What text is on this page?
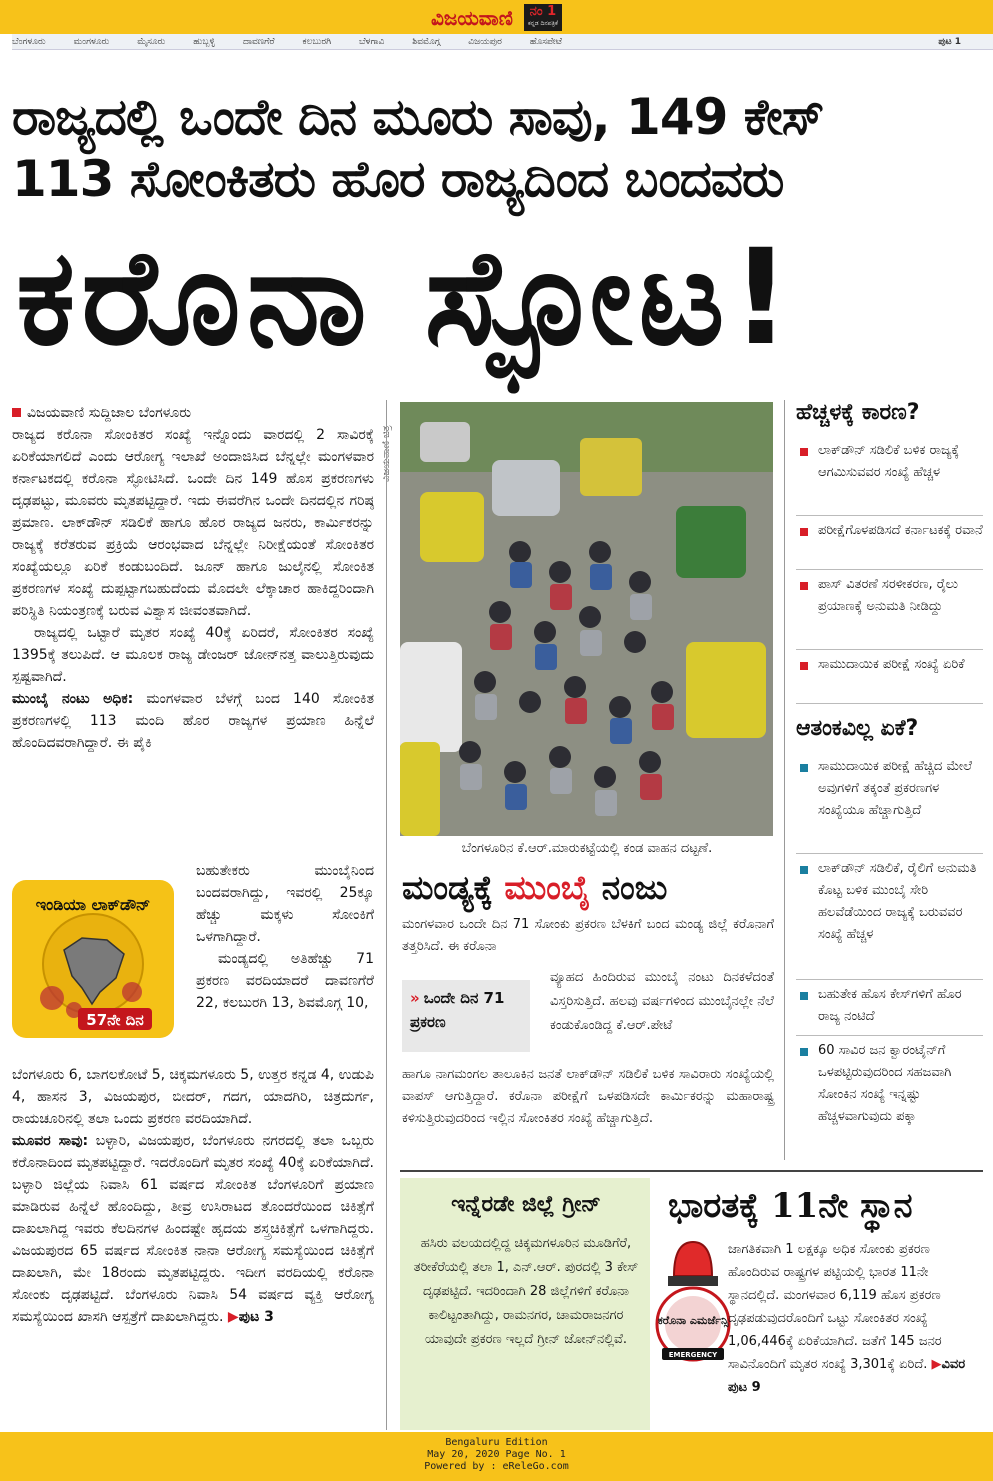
ವಿಜಯವಾಣಿ ನಂ 1
ಕನ್ನಡ ದಿನಪತ್ರಿಕೆ
ಬೆಂಗಳೂರು	ಮಂಗಳೂರು	ಮೈಸೂರು	ಹುಬ್ಬಳ್ಳಿ	ದಾವಣಗೆರೆ	ಕಲಬುರಗಿ	ಬೆಳಗಾವಿ	ಶಿವಮೊಗ್ಗ	ವಿಜಯಪುರ	ಹೊಸಪೇಟೆ	ಪುಟ 1
ರಾಜ್ಯದಲ್ಲಿ ಒಂದೇ ದಿನ ಮೂರು ಸಾವು, 149 ಕೇಸ್
113 ಸೋಂಕಿತರು ಹೊರ ರಾಜ್ಯದಿಂದ ಬಂದವರು
ಕರೊನಾ ಸ್ಫೋಟ!
ವಿಜಯವಾಣಿ ಸುದ್ದಿಜಾಲ ಬೆಂಗಳೂರು

ರಾಜ್ಯದ ಕರೊನಾ ಸೋಂಕಿತರ ಸಂಖ್ಯೆ ಇನ್ನೊಂದು ವಾರದಲ್ಲಿ 2 ಸಾವಿರಕ್ಕೆ ಏರಿಕೆಯಾಗಲಿದೆ ಎಂದು ಆರೋಗ್ಯ ಇಲಾಖೆ ಅಂದಾಜಿಸಿದ ಬೆನ್ನಲ್ಲೇ ಮಂಗಳವಾರ ಕರ್ನಾಟಕದಲ್ಲಿ ಕರೊನಾ ಸ್ಫೋಟಿಸಿದೆ. ಒಂದೇ ದಿನ 149 ಹೊಸ ಪ್ರಕರಣಗಳು ದೃಢಪಟ್ಟು, ಮೂವರು ಮೃತಪಟ್ಟಿದ್ದಾರೆ. ಇದು ಈವರೆಗಿನ ಒಂದೇ ದಿನದಲ್ಲಿನ ಗರಿಷ್ಠ ಪ್ರಮಾಣ. ಲಾಕ್‌ಡೌನ್ ಸಡಿಲಿಕೆ ಹಾಗೂ ಹೊರ ರಾಜ್ಯದ ಜನರು, ಕಾರ್ಮಿಕರನ್ನು ರಾಜ್ಯಕ್ಕೆ ಕರೆತರುವ ಪ್ರಕ್ರಿಯೆ ಆರಂಭವಾದ ಬೆನ್ನಲ್ಲೇ ನಿರೀಕ್ಷೆಯಂತೆ ಸೋಂಕಿತರ ಸಂಖ್ಯೆಯಲ್ಲೂ ಏರಿಕೆ ಕಂಡುಬಂದಿದೆ. ಜೂನ್ ಹಾಗೂ ಜುಲೈನಲ್ಲಿ ಸೋಂಕಿತ ಪ್ರಕರಣಗಳ ಸಂಖ್ಯೆ ದುಪ್ಪಟ್ಟಾಗಬಹುದೆಂದು ಮೊದಲೇ ಲೆಕ್ಕಾಚಾರ ಹಾಕಿದ್ದರಿಂದಾಗಿ ಪರಿಸ್ಥಿತಿ ನಿಯಂತ್ರಣಕ್ಕೆ ಬರುವ ವಿಶ್ವಾಸ ಜೀವಂತವಾಗಿದೆ.

ರಾಜ್ಯದಲ್ಲಿ ಒಟ್ಟಾರೆ ಮೃತರ ಸಂಖ್ಯೆ 40ಕ್ಕೆ ಏರಿದರೆ, ಸೋಂಕಿತರ ಸಂಖ್ಯೆ 1395ಕ್ಕೆ ತಲುಪಿದೆ. ಆ ಮೂಲಕ ರಾಜ್ಯ ಡೇಂಜರ್ ಜೋನ್‌ನತ್ತ ವಾಲುತ್ತಿರುವುದು ಸ್ಪಷ್ಟವಾಗಿದೆ.

ಮುಂಬೈ ನಂಟು ಅಧಿಕ: ಮಂಗಳವಾರ ಬೆಳಗ್ಗೆ ಬಂದ 140 ಸೋಂಕಿತ ಪ್ರಕರಣಗಳಲ್ಲಿ 113 ಮಂದಿ ಹೊರ ರಾಜ್ಯಗಳ ಪ್ರಯಾಣ ಹಿನ್ನೆಲೆ ಹೊಂದಿದವರಾಗಿದ್ದಾರೆ. ಈ ಪೈಕಿ

57ನೇ ದಿನ
ಇಂಡಿಯಾ ಲಾಕ್‌ಡೌನ್

ಬಹುತೇಕರು ಮುಂಬೈನಿಂದ ಬಂದವರಾಗಿದ್ದು, ಇವರಲ್ಲಿ 25ಕ್ಕೂ ಹೆಚ್ಚು ಮಕ್ಕಳು ಸೋಂಕಿಗೆ ಒಳಗಾಗಿದ್ದಾರೆ.

ಮಂಡ್ಯದಲ್ಲಿ ಅತಿಹೆಚ್ಚು 71 ಪ್ರಕರಣ ವರದಿಯಾದರೆ ದಾವಣಗೆರೆ 22, ಕಲಬುರಗಿ 13, ಶಿವಮೊಗ್ಗ 10,

ಬೆಂಗಳೂರು 6, ಬಾಗಲಕೋಟೆ 5, ಚಿಕ್ಕಮಗಳೂರು 5, ಉತ್ತರ ಕನ್ನಡ 4, ಉಡುಪಿ 4, ಹಾಸನ 3, ವಿಜಯಪುರ, ಬೀದರ್, ಗದಗ, ಯಾದಗಿರಿ, ಚಿತ್ರದುರ್ಗ, ರಾಯಚೂರಿನಲ್ಲಿ ತಲಾ ಒಂದು ಪ್ರಕರಣ ವರದಿಯಾಗಿದೆ.

ಮೂವರ ಸಾವು: ಬಳ್ಳಾರಿ, ವಿಜಯಪುರ, ಬೆಂಗಳೂರು ನಗರದಲ್ಲಿ ತಲಾ ಒಬ್ಬರು ಕರೊನಾದಿಂದ ಮೃತಪಟ್ಟಿದ್ದಾರೆ. ಇದರೊಂದಿಗೆ ಮೃತರ ಸಂಖ್ಯೆ 40ಕ್ಕೆ ಏರಿಕೆಯಾಗಿದೆ. ಬಳ್ಳಾರಿ ಜಿಲ್ಲೆಯ ನಿವಾಸಿ 61 ವರ್ಷದ ಸೋಂಕಿತ ಬೆಂಗಳೂರಿಗೆ ಪ್ರಯಾಣ ಮಾಡಿರುವ ಹಿನ್ನೆಲೆ ಹೊಂದಿದ್ದು, ತೀವ್ರ ಉಸಿರಾಟದ ತೊಂದರೆಯಿಂದ ಚಿಕಿತ್ಸೆಗೆ ದಾಖಲಾಗಿದ್ದ ಇವರು ಕೆಲದಿನಗಳ ಹಿಂದಷ್ಟೇ ಹೃದಯ ಶಸ್ತ್ರಚಿಕಿತ್ಸೆಗೆ ಒಳಗಾಗಿದ್ದರು. ವಿಜಯಪುರದ 65 ವರ್ಷದ ಸೋಂಕಿತ ನಾನಾ ಆರೋಗ್ಯ ಸಮಸ್ಯೆಯಿಂದ ಚಿಕಿತ್ಸೆಗೆ ದಾಖಲಾಗಿ, ಮೇ 18ರಂದು ಮೃತಪಟ್ಟಿದ್ದರು. ಇದೀಗ ವರದಿಯಲ್ಲಿ ಕರೊನಾ ಸೋಂಕು ದೃಢಪಟ್ಟಿದೆ. ಬೆಂಗಳೂರು ನಿವಾಸಿ 54 ವರ್ಷದ ವ್ಯಕ್ತಿ ಆರೋಗ್ಯ ಸಮಸ್ಯೆಯಿಂದ ಖಾಸಗಿ ಆಸ್ಪತ್ರೆಗೆ ದಾಖಲಾಗಿದ್ದರು. ▶ಪುಟ 3

ವಿಜಯವಾಣಿ ಚಿತ್ರ
ಬೆಂಗಳೂರಿನ ಕೆ.ಆರ್.ಮಾರುಕಟ್ಟೆಯಲ್ಲಿ ಕಂಡ ವಾಹನ ದಟ್ಟಣೆ.
ಮಂಡ್ಯಕ್ಕೆ ಮುಂಬೈ ನಂಜು

ಮಂಗಳವಾರ ಒಂದೇ ದಿನ 71 ಸೋಂಕು ಪ್ರಕರಣ ಬೆಳಕಿಗೆ ಬಂದ ಮಂಡ್ಯ ಜಿಲ್ಲೆ ಕರೊನಾಗೆ ತತ್ತರಿಸಿದೆ. ಈ ಕರೊನಾ

» ಒಂದೇ ದಿನ 71 ಪ್ರಕರಣ

ವ್ಯೂಹದ ಹಿಂದಿರುವ ಮುಂಬೈ ನಂಟು ದಿನಕಳೆದಂತೆ ವಿಸ್ತರಿಸುತ್ತಿದೆ. ಹಲವು ವರ್ಷಗಳಿಂದ ಮುಂಬೈನಲ್ಲೇ ನೆಲೆ ಕಂಡುಕೊಂಡಿದ್ದ ಕೆ.ಆರ್.ಪೇಟೆ

ಹಾಗೂ ನಾಗಮಂಗಲ ತಾಲೂಕಿನ ಜನತೆ ಲಾಕ್‌ಡೌನ್ ಸಡಿಲಿಕೆ ಬಳಿಕ ಸಾವಿರಾರು ಸಂಖ್ಯೆಯಲ್ಲಿ ವಾಪಸ್ ಆಗುತ್ತಿದ್ದಾರೆ. ಕರೊನಾ ಪರೀಕ್ಷೆಗೆ ಒಳಪಡಿಸದೇ ಕಾರ್ಮಿಕರನ್ನು ಮಹಾರಾಷ್ಟ್ರ ಕಳಿಸುತ್ತಿರುವುದರಿಂದ ಇಲ್ಲಿನ ಸೋಂಕಿತರ ಸಂಖ್ಯೆ ಹೆಚ್ಚಾಗುತ್ತಿದೆ.

ಹೆಚ್ಚಳಕ್ಕೆ ಕಾರಣ?
ಲಾಕ್‌ಡೌನ್ ಸಡಿಲಿಕೆ ಬಳಿಕ ರಾಜ್ಯಕ್ಕೆ ಆಗಮಿಸುವವರ ಸಂಖ್ಯೆ ಹೆಚ್ಚಳ
ಪರೀಕ್ಷೆಗೊಳಪಡಿಸದೆ ಕರ್ನಾಟಕಕ್ಕೆ ರವಾನೆ
ಪಾಸ್ ವಿತರಣೆ ಸರಳೀಕರಣ, ರೈಲು ಪ್ರಯಾಣಕ್ಕೆ ಅನುಮತಿ ನೀಡಿದ್ದು
ಸಾಮುದಾಯಿಕ ಪರೀಕ್ಷೆ ಸಂಖ್ಯೆ ಏರಿಕೆ
ಆತಂಕವಿಲ್ಲ ಏಕೆ?
ಸಾಮುದಾಯಿಕ ಪರೀಕ್ಷೆ ಹೆಚ್ಚಿದ ಮೇಲೆ ಅವುಗಳಿಗೆ ತಕ್ಕಂತೆ ಪ್ರಕರಣಗಳ ಸಂಖ್ಯೆಯೂ ಹೆಚ್ಚಾಗುತ್ತಿದೆ
ಲಾಕ್‌ಡೌನ್ ಸಡಿಲಿಕೆ, ರೈಲಿಗೆ ಅನುಮತಿ ಕೊಟ್ಟ ಬಳಿಕ ಮುಂಬೈ ಸೇರಿ ಹಲವೆಡೆಯಿಂದ ರಾಜ್ಯಕ್ಕೆ ಬರುವವರ ಸಂಖ್ಯೆ ಹೆಚ್ಚಳ
ಬಹುತೇಕ ಹೊಸ ಕೇಸ್‌ಗಳಿಗೆ ಹೊರ ರಾಜ್ಯ ನಂಟಿದೆ
60 ಸಾವಿರ ಜನ ಕ್ವಾರಂಟೈನ್‌ಗೆ ಒಳಪಟ್ಟಿರುವುದರಿಂದ ಸಹಜವಾಗಿ ಸೋಂಕಿನ ಸಂಖ್ಯೆ ಇನ್ನಷ್ಟು ಹೆಚ್ಚಳವಾಗುವುದು ಪಕ್ಕಾ
ಇನ್ನೆರಡೇ ಜಿಲ್ಲೆ ಗ್ರೀನ್
ಹಸಿರು ವಲಯದಲ್ಲಿದ್ದ ಚಿಕ್ಕಮಗಳೂರಿನ ಮೂಡಿಗೆರೆ, ತರೀಕೆರೆಯಲ್ಲಿ ತಲಾ 1, ಎನ್.ಆರ್. ಪುರದಲ್ಲಿ 3 ಕೇಸ್ ದೃಢಪಟ್ಟಿದೆ. ಇದರಿಂದಾಗಿ 28 ಜಿಲ್ಲೆಗಳಿಗೆ ಕರೊನಾ ಕಾಲಿಟ್ಟಂತಾಗಿದ್ದು, ರಾಮನಗರ, ಚಾಮರಾಜನಗರ ಯಾವುದೇ ಪ್ರಕರಣ ಇಲ್ಲದೆ ಗ್ರೀನ್ ಜೋನ್‌ನಲ್ಲಿವೆ.
ಭಾರತಕ್ಕೆ 11ನೇ ಸ್ಥಾನ
ಕರೊನಾ ಎಮರ್ಜೆನ್ಸಿ
EMERGENCY
ಜಾಗತಿಕವಾಗಿ 1 ಲಕ್ಷಕ್ಕೂ ಅಧಿಕ ಸೋಂಕು ಪ್ರಕರಣ ಹೊಂದಿರುವ ರಾಷ್ಟ್ರಗಳ ಪಟ್ಟಿಯಲ್ಲಿ ಭಾರತ 11ನೇ ಸ್ಥಾನದಲ್ಲಿದೆ. ಮಂಗಳವಾರ 6,119 ಹೊಸ ಪ್ರಕರಣ ದೃಢಪಡುವುದರೊಂದಿಗೆ ಒಟ್ಟು ಸೋಂಕಿತರ ಸಂಖ್ಯೆ 1,06,446ಕ್ಕೆ ಏರಿಕೆಯಾಗಿದೆ. ಜತೆಗೆ 145 ಜನರ ಸಾವಿನೊಂದಿಗೆ ಮೃತರ ಸಂಖ್ಯೆ 3,301ಕ್ಕೆ ಏರಿದೆ. ▶ವಿವರ ಪುಟ 9
Bengaluru Edition
May 20, 2020 Page No. 1
Powered by : eReleGo.com
